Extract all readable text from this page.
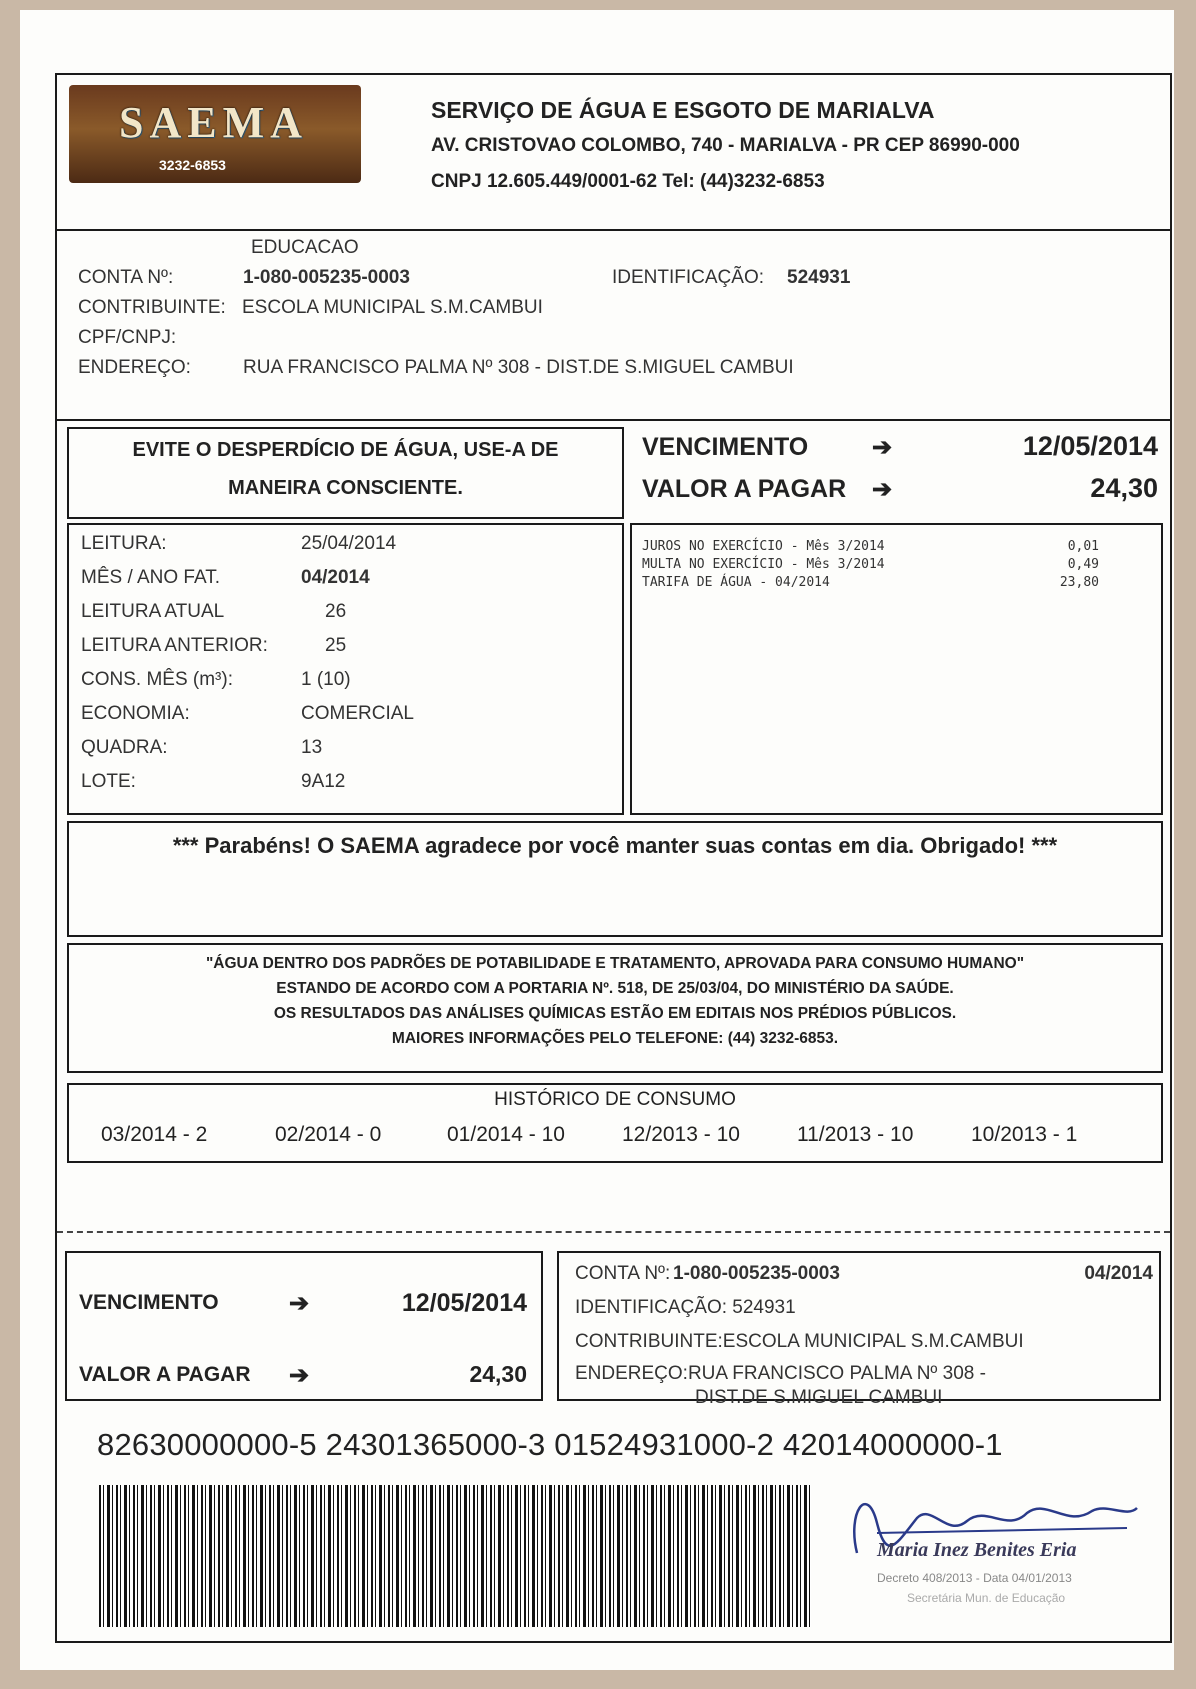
SAEMA
3232-6853
SERVIÇO DE ÁGUA E ESGOTO DE MARIALVA
AV. CRISTOVAO COLOMBO, 740 - MARIALVA - PR CEP 86990-000
CNPJ 12.605.449/0001-62 Tel: (44)3232-6853
EDUCACAO
CONTA Nº:	1-080-005235-0003	IDENTIFICAÇÃO: 524931
CONTRIBUINTE: ESCOLA MUNICIPAL S.M.CAMBUI
CPF/CNPJ:
ENDEREÇO:	RUA FRANCISCO PALMA Nº 308 - DIST.DE S.MIGUEL CAMBUI
EVITE O DESPERDÍCIO DE ÁGUA, USE-A DE
MANEIRA CONSCIENTE.
VENCIMENTO	➔	12/05/2014
VALOR A PAGAR ➔	24,30
LEITURA:	25/04/2014
MÊS / ANO FAT.	04/2014
LEITURA ATUAL	26
LEITURA ANTERIOR:	25
CONS. MÊS (m³):	1 (10)
ECONOMIA:	COMERCIAL
QUADRA:	13
LOTE:	9A12
JUROS NO EXERCÍCIO - Mês 3/2014	0,01
MULTA NO EXERCÍCIO - Mês 3/2014	0,49
TARIFA DE ÁGUA - 04/2014	23,80
*** Parabéns! O SAEMA agradece por você manter suas contas em dia. Obrigado! ***
"ÁGUA DENTRO DOS PADRÕES DE POTABILIDADE E TRATAMENTO, APROVADA PARA CONSUMO HUMANO"
ESTANDO DE ACORDO COM A PORTARIA Nº. 518, DE 25/03/04, DO MINISTÉRIO DA SAÚDE.
OS RESULTADOS DAS ANÁLISES QUÍMICAS ESTÃO EM EDITAIS NOS PRÉDIOS PÚBLICOS.
MAIORES INFORMAÇÕES PELO TELEFONE: (44) 3232-6853.
HISTÓRICO DE CONSUMO
03/2014 - 2	02/2014 - 0	01/2014 - 10	12/2013 - 10	11/2013 - 10	10/2013 - 1
VENCIMENTO	➔	12/05/2014
VALOR A PAGAR ➔	24,30
CONTA Nº: 1-080-005235-0003	04/2014
IDENTIFICAÇÃO: 524931
CONTRIBUINTE:ESCOLA MUNICIPAL S.M.CAMBUI
ENDEREÇO:RUA FRANCISCO PALMA Nº 308 -
DIST.DE S.MIGUEL CAMBUI
82630000000-5 24301365000-3 01524931000-2 42014000000-1
Maria Inez Benites Eria
Decreto 408/2013 - Data 04/01/2013
Secretária Mun. de Educação
